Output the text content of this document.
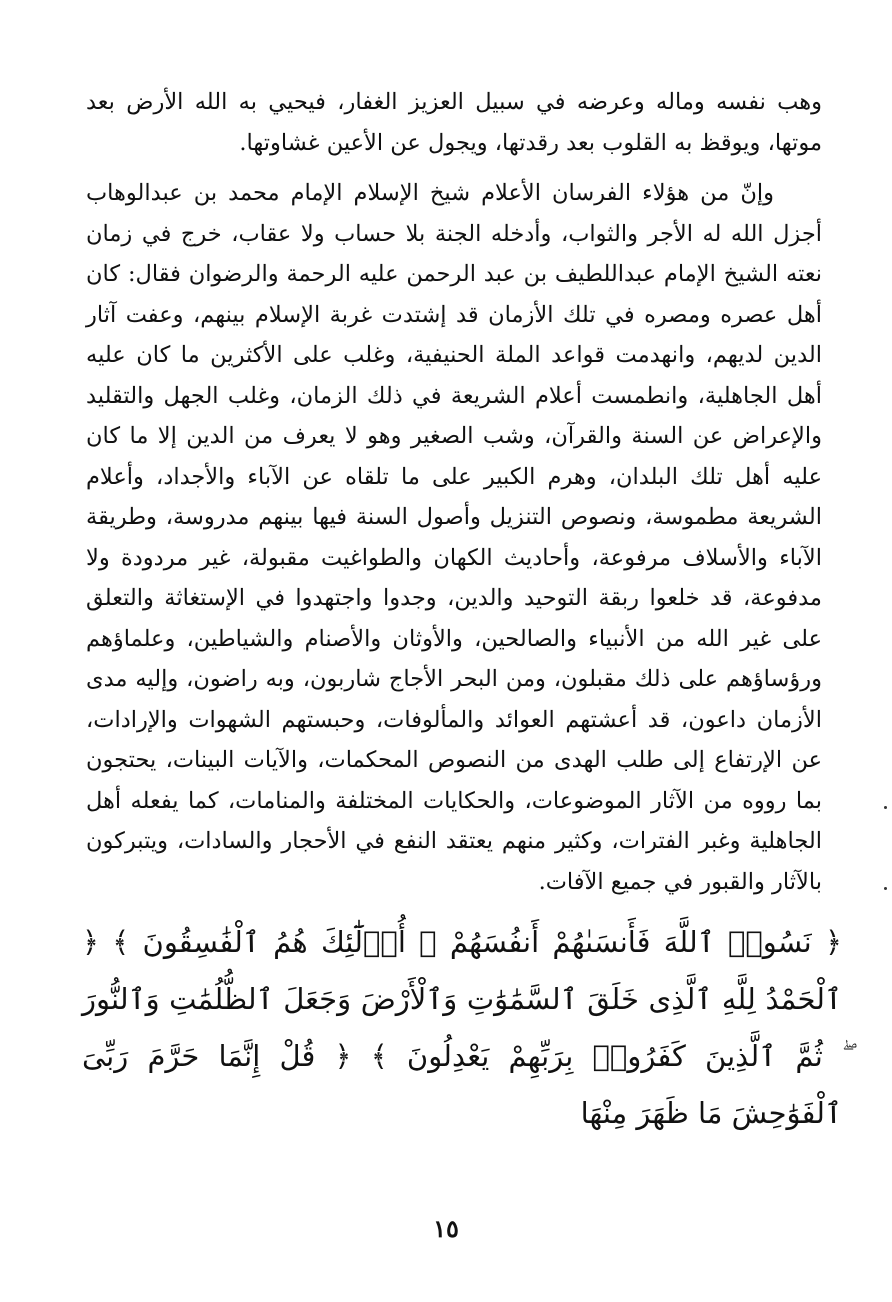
وهب نفسه وماله وعرضه في سبيل العزيز الغفار، فيحيي به الله الأرض بعد موتها، ويوقظ به القلوب بعد رقدتها، ويجول عن الأعين غشاوتها.

وإنّ من هؤلاء الفرسان الأعلام شيخ الإسلام الإمام محمد بن عبدالوهاب أجزل الله له الأجر والثواب، وأدخله الجنة بلا حساب ولا عقاب، خرج في زمان نعته الشيخ الإمام عبداللطيف بن عبد الرحمن عليه الرحمة والرضوان فقال: كان أهل عصره ومصره في تلك الأزمان قد إشتدت غربة الإسلام بينهم، وعفت آثار الدين لديهم، وانهدمت قواعد الملة الحنيفية، وغلب على الأكثرين ما كان عليه أهل الجاهلية، وانطمست أعلام الشريعة في ذلك الزمان، وغلب الجهل والتقليد والإعراض عن السنة والقرآن، وشب الصغير وهو لا يعرف من الدين إلا ما كان عليه أهل تلك البلدان، وهرم الكبير على ما تلقاه عن الآباء والأجداد، وأعلام الشريعة مطموسة، ونصوص التنزيل وأصول السنة فيها بينهم مدروسة، وطريقة الآباء والأسلاف مرفوعة، وأحاديث الكهان والطواغيت مقبولة، غير مردودة ولا مدفوعة، قد خلعوا ربقة التوحيد والدين، وجدوا واجتهدوا في الإستغاثة والتعلق على غير الله من الأنبياء والصالحين، والأوثان والأصنام والشياطين، وعلماؤهم ورؤساؤهم على ذلك مقبلون، ومن البحر الأجاج شاربون، وبه راضون، وإليه مدى الأزمان داعون، قد أعشتهم العوائد والمألوفات، وحبستهم الشهوات والإرادات، عن الإرتفاع إلى طلب الهدى من النصوص المحكمات، والآيات البينات، يحتجون بما رووه من الآثار الموضوعات، والحكايات المختلفة والمنامات، كما يفعله أهل الجاهلية وغبر الفترات، وكثير منهم يعتقد النفع في الأحجار والسادات، ويتبركون بالآثار والقبور في جميع الآفات.

﴿ نَسُوا۟ ٱللَّهَ فَأَنسَىٰهُمْ أَنفُسَهُمْ ۚ أُو۟لَٰٓئِكَ هُمُ ٱلْفَٰسِقُونَ ﴾ ﴿ ٱلْحَمْدُ لِلَّهِ ٱلَّذِى خَلَقَ ٱلسَّمَٰوَٰتِ وَٱلْأَرْضَ وَجَعَلَ ٱلظُّلُمَٰتِ وَٱلنُّورَ ۖ ثُمَّ ٱلَّذِينَ كَفَرُوا۟ بِرَبِّهِمْ يَعْدِلُونَ ﴾ ﴿ قُلْ إِنَّمَا حَرَّمَ رَبِّىَ ٱلْفَوَٰحِشَ مَا ظَهَرَ مِنْهَا

١٥
